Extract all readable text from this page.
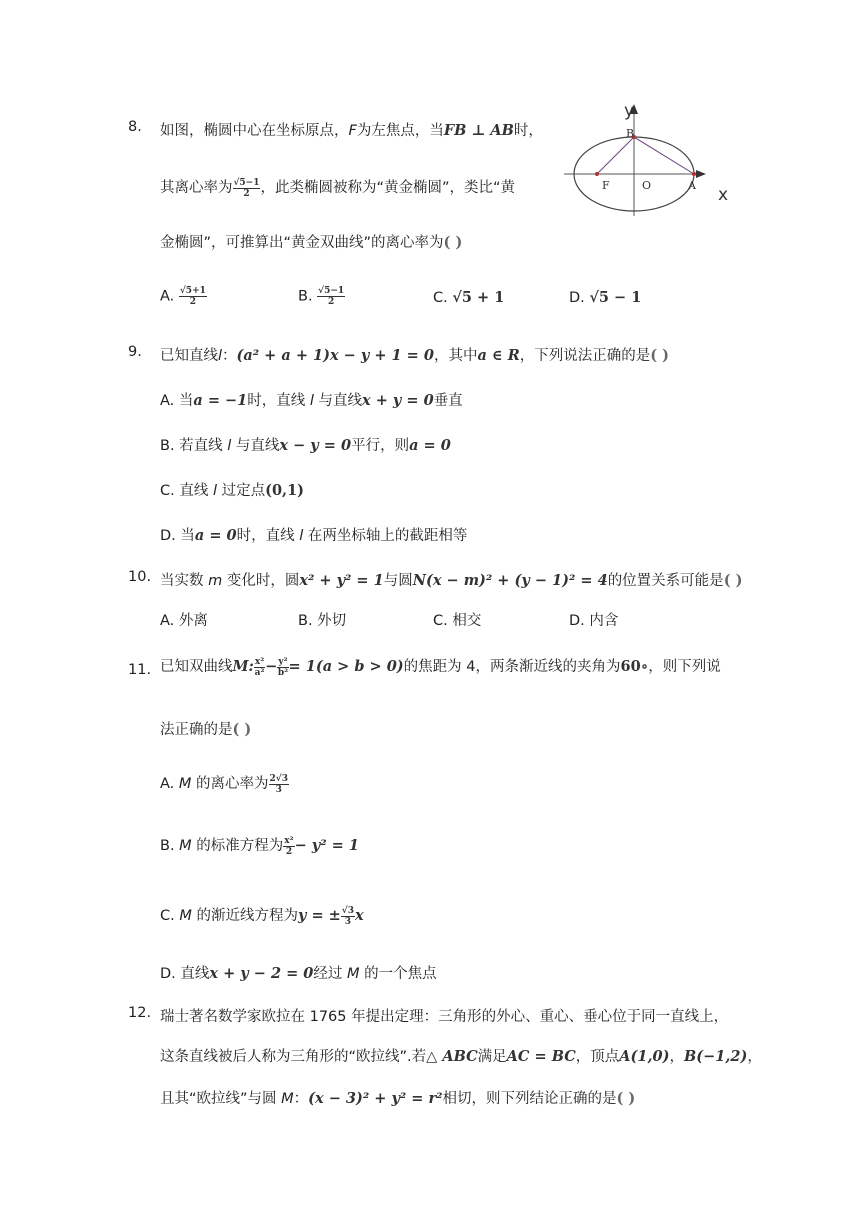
8. 如图，椭圆中心在坐标原点，F为左焦点，当FB ⊥ AB时，
其离心率为 $\frac{√5-1}{2}$ ，此类椭圆被称为“黄金椭圆”，类比“黄
金椭圆”，可推算出“黄金双曲线”的离心率为( )
A. $\frac{√5+1}{2}$	B. $\frac{√5-1}{2}$	C. √5 + 1	D. √5 − 1
y
x
B
F	O	A
9. 已知直线l：(a² + a + 1)x − y + 1 = 0，其中a ∈ R，下列说法正确的是( )
A. 当a = −1时，直线 l 与直线x + y = 0垂直
B. 若直线 l 与直线x − y = 0平行，则a = 0
C. 直线 l 过定点(0,1)
D. 当a = 0时，直线 l 在两坐标轴上的截距相等
10. 当实数 m 变化时，圆x² + y² = 1与圆N(x − m)² + (y − 1)² = 4的位置关系可能是( )
A. 外离	B. 外切	C. 相交	D. 内含
11. 已知双曲线M: $\frac{\text{x²}}{\text{a²}} - \frac{\text{y²}}{\text{b²}} = 1(a > b > 0)$的焦距为 4，两条渐近线的夹角为60∘，则下列说
法正确的是( )
A. M 的离心率为 $\frac{2√3}{3}$
B. M 的标准方程为 $\frac{\text{x²}}{2} - y^2 = 1$
C. M 的渐近线方程为y = ± $\frac{√3}{3}$ x
D. 直线x + y − 2 = 0经过 M 的一个焦点
12. 瑞士著名数学家欧拉在 1765 年提出定理：三角形的外心、重心、垂心位于同一直线上，
这条直线被后人称为三角形的“欧拉线”.若△ ABC满足AC = BC，顶点A(1,0)，B(−1,2)，
且其“欧拉线”与圆 M：(x − 3)² + y² = r²相切，则下列结论正确的是( )
